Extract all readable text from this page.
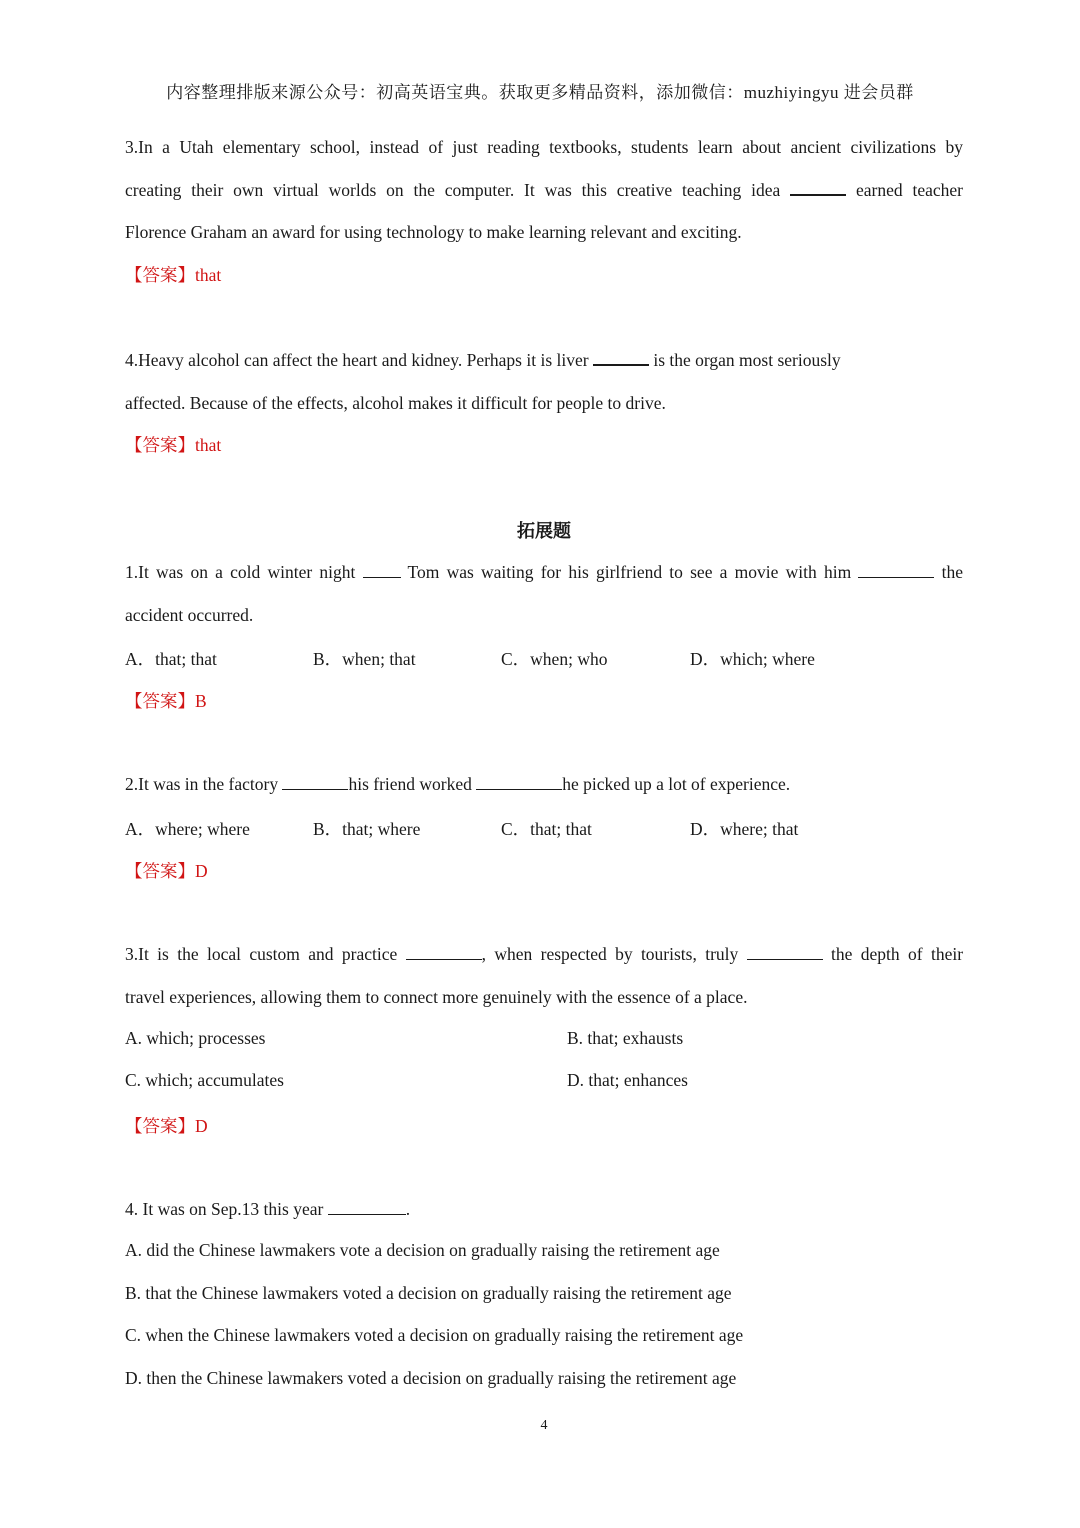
内容整理排版来源公众号：初高英语宝典。获取更多精品资料，添加微信：muzhiyingyu 进会员群
3.In a Utah elementary school, instead of just reading textbooks, students learn about ancient civilizations by
creating their own virtual worlds on the computer. It was this creative teaching idea	earned teacher
Florence Graham an award for using technology to make learning relevant and exciting.
【答案】that
4.Heavy alcohol can affect the heart and kidney. Perhaps it is liver	is the organ most seriously
affected. Because of the effects, alcohol makes it difficult for people to drive.
【答案】that
拓展题
1.It was on a cold winter night	Tom was waiting for his girlfriend to see a movie with him	the
accident occurred.
A．that; that	B．when; that	C．when; who	D．which; where
【答案】B
2.It was in the factory	his friend worked	he picked up a lot of experience.
A．where; where	B．that; where	C．that; that	D．where; that
【答案】D
3.It is the local custom and practice	, when respected by tourists, truly	the depth of their
travel experiences, allowing them to connect more genuinely with the essence of a place.
A. which; processes	B. that; exhausts
C. which; accumulates	D. that; enhances
【答案】D
4. It was on Sep.13 this year	.
A. did the Chinese lawmakers vote a decision on gradually raising the retirement age
B. that the Chinese lawmakers voted a decision on gradually raising the retirement age
C. when the Chinese lawmakers voted a decision on gradually raising the retirement age
D. then the Chinese lawmakers voted a decision on gradually raising the retirement age
4
